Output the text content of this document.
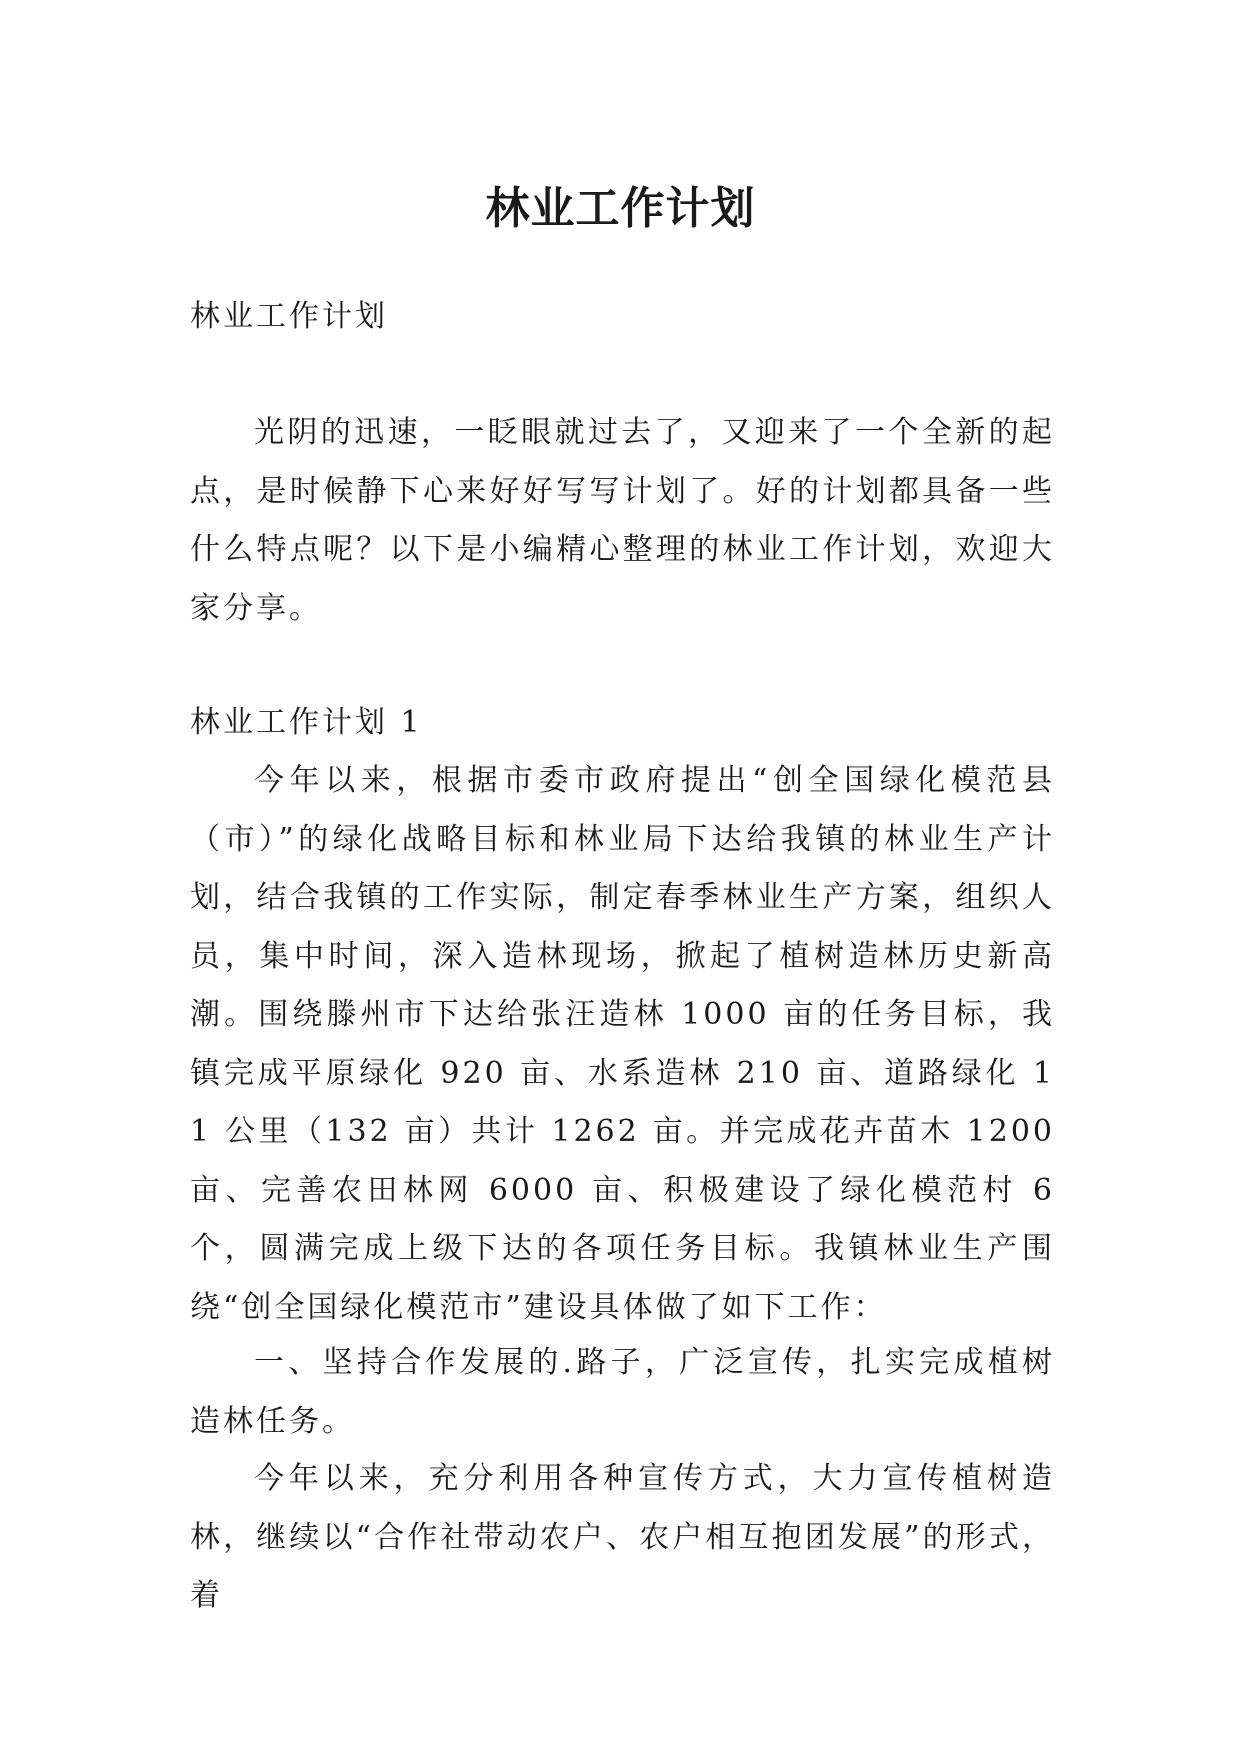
林业工作计划

林业工作计划

光阴的迅速，一眨眼就过去了，又迎来了一个全新的起点，是时候静下心来好好写写计划了。好的计划都具备一些什么特点呢？以下是小编精心整理的林业工作计划，欢迎大家分享。

林业工作计划 1

今年以来，根据市委市政府提出“创全国绿化模范县（市）”的绿化战略目标和林业局下达给我镇的林业生产计划，结合我镇的工作实际，制定春季林业生产方案，组织人员，集中时间，深入造林现场，掀起了植树造林历史新高潮。围绕滕州市下达给张汪造林 1000 亩的任务目标，我镇完成平原绿化 920 亩、水系造林 210 亩、道路绿化 11 公里（132 亩）共计 1262 亩。并完成花卉苗木 1200 亩、完善农田林网 6000 亩、积极建设了绿化模范村 6 个，圆满完成上级下达的各项任务目标。我镇林业生产围绕“创全国绿化模范市”建设具体做了如下工作：

一、坚持合作发展的.路子，广泛宣传，扎实完成植树造林任务。

今年以来，充分利用各种宣传方式，大力宣传植树造林，继续以“合作社带动农户、农户相互抱团发展”的形式，着
